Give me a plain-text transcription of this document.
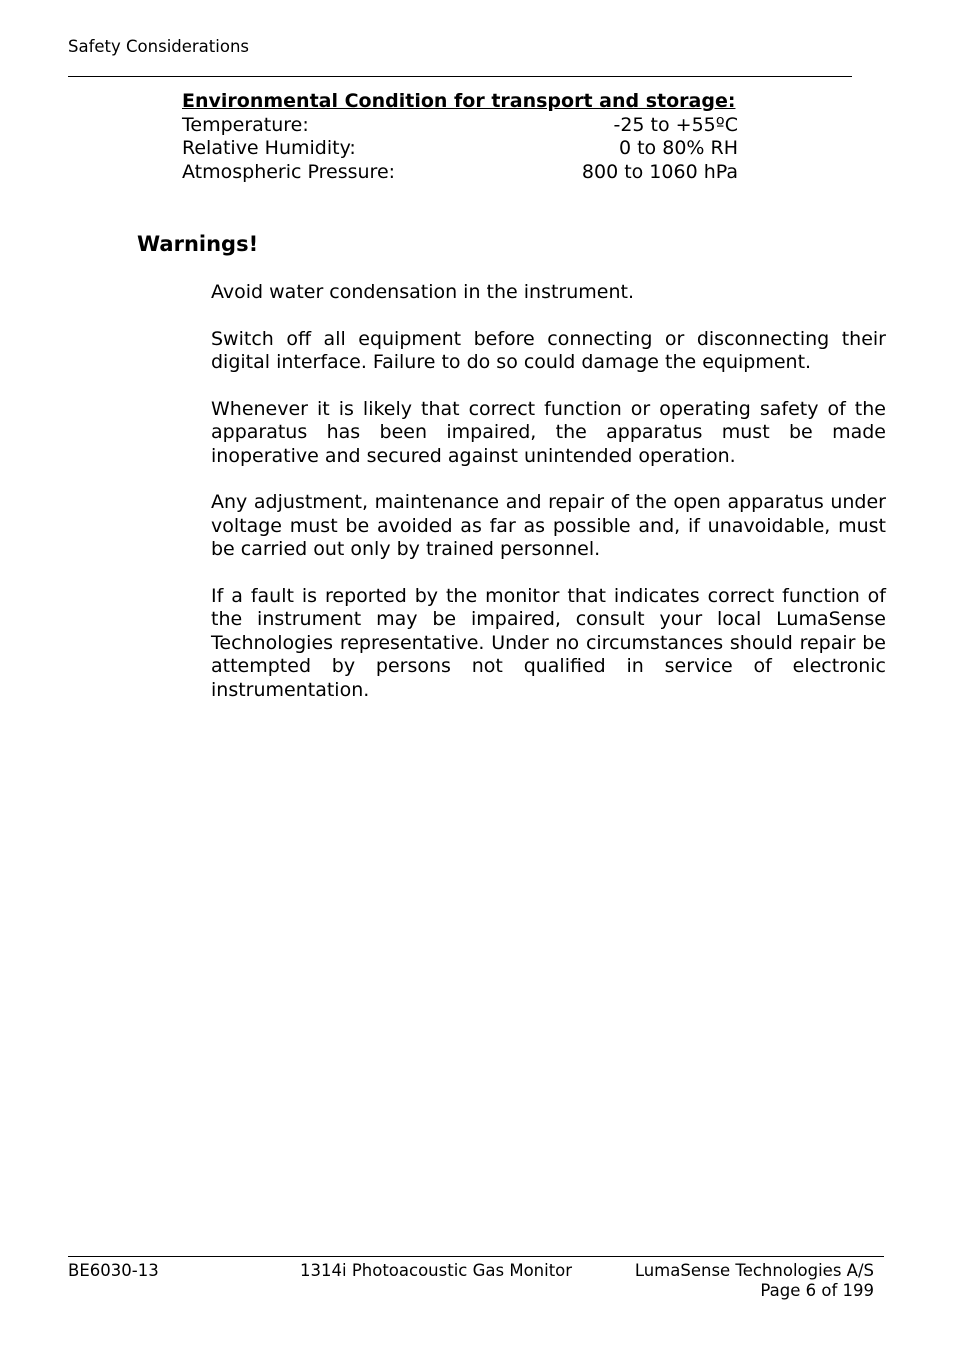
Safety Considerations
Environmental Condition for transport and storage:
Temperature:	-25 to +55ºC
Relative Humidity:	0 to 80% RH
Atmospheric Pressure:	800 to 1060 hPa
Warnings!

Avoid water condensation in the instrument.

Switch off all equipment before connecting or disconnecting their digital interface. Failure to do so could damage the equipment.

Whenever it is likely that correct function or operating safety of the apparatus has been impaired, the apparatus must be made inoperative and secured against unintended operation.

Any adjustment, maintenance and repair of the open apparatus under voltage must be avoided as far as possible and, if unavoidable, must be carried out only by trained personnel.

If a fault is reported by the monitor that indicates correct function of the instrument may be impaired, consult your local LumaSense Technologies representative. Under no circumstances should repair be attempted by persons not qualified in service of electronic instrumentation.

BE6030-13	1314i Photoacoustic Gas Monitor	LumaSense Technologies A/S
Page 6 of 199
